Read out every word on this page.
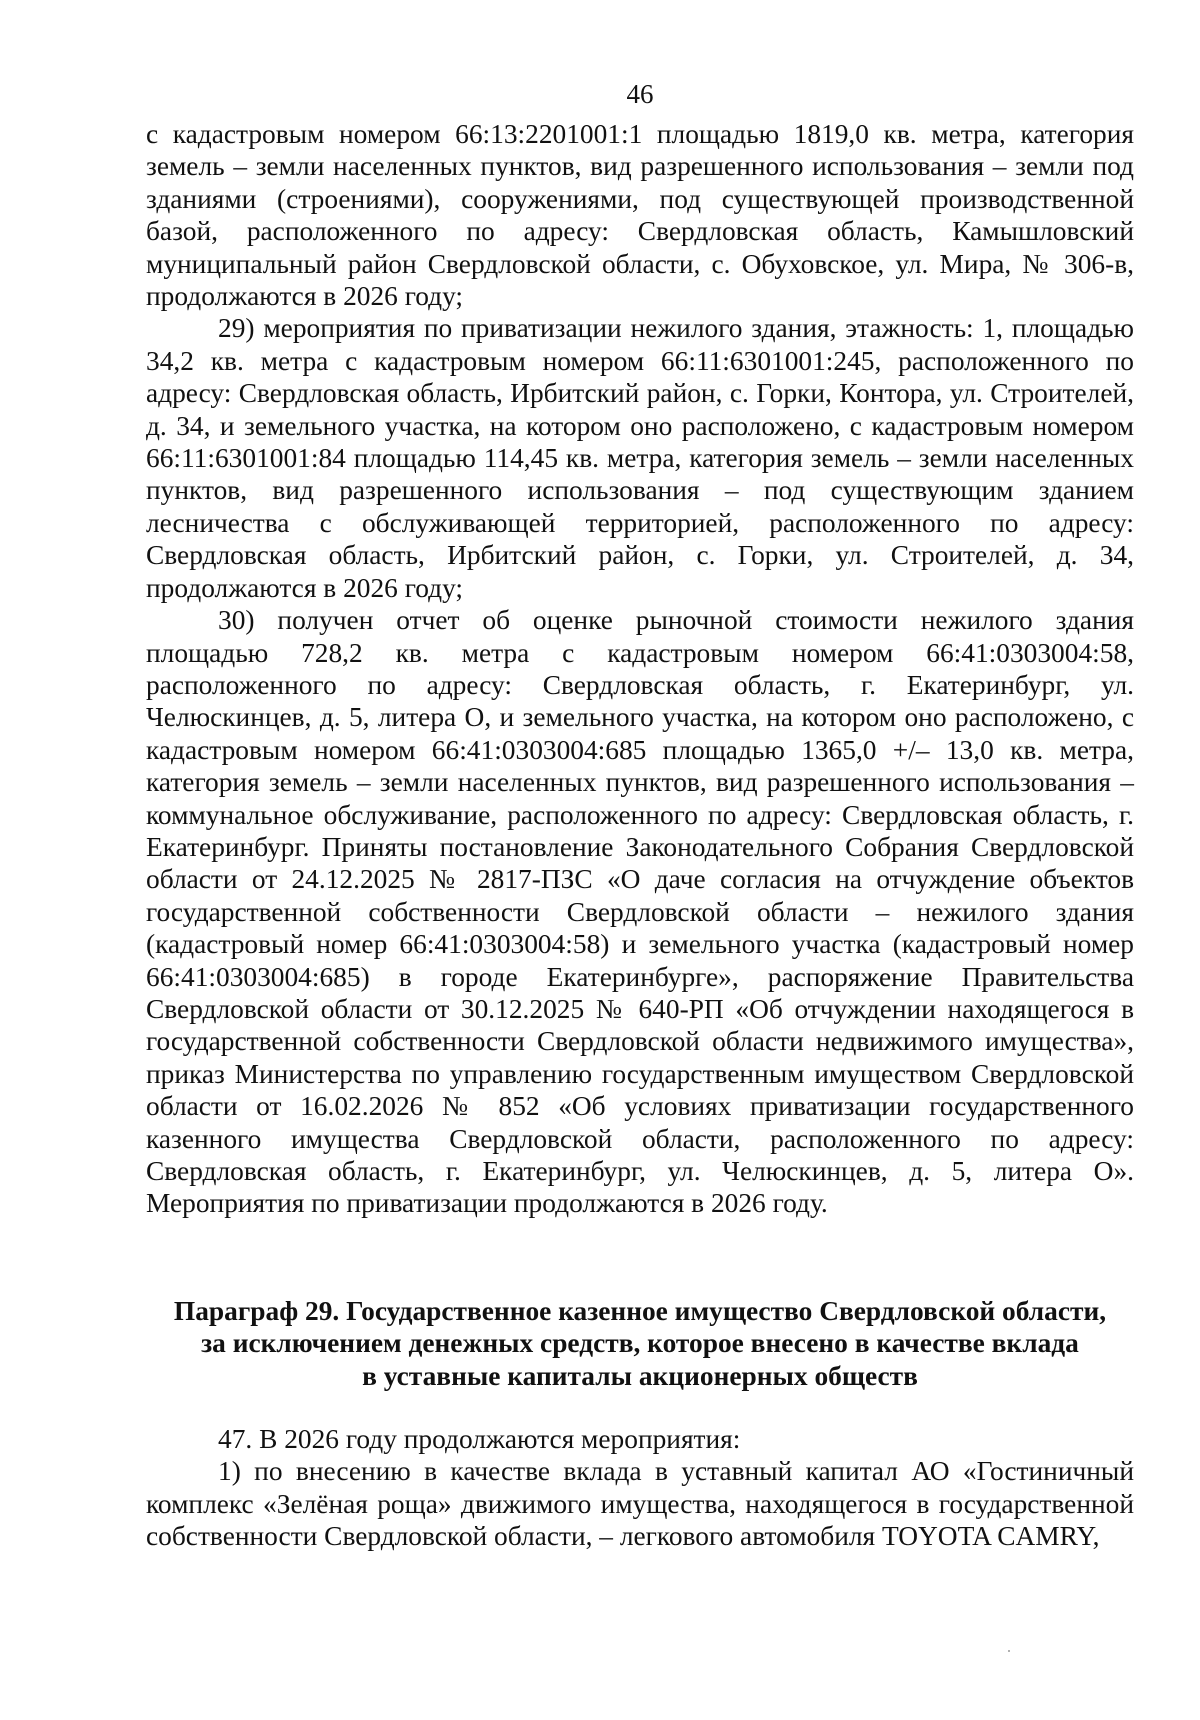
46

с кадастровым номером 66:13:2201001:1 площадью 1819,0 кв. метра, категория земель – земли населенных пунктов, вид разрешенного использования – земли под зданиями (строениями), сооружениями, под существующей производственной базой, расположенного по адресу: Свердловская область, Камышловский муниципальный район Свердловской области, с. Обуховское, ул. Мира, № 306-в, продолжаются в 2026 году;

29) мероприятия по приватизации нежилого здания, этажность: 1, площадью 34,2 кв. метра с кадастровым номером 66:11:6301001:245, расположенного по адресу: Свердловская область, Ирбитский район, с. Горки, Контора, ул. Строителей, д. 34, и земельного участка, на котором оно расположено, с кадастровым номером 66:11:6301001:84 площадью 114,45 кв. метра, категория земель – земли населенных пунктов, вид разрешенного использования – под существующим зданием лесничества с обслуживающей территорией, расположенного по адресу: Свердловская область, Ирбитский район, с. Горки, ул. Строителей, д. 34, продолжаются в 2026 году;

30) получен отчет об оценке рыночной стоимости нежилого здания площадью 728,2 кв. метра с кадастровым номером 66:41:0303004:58, расположенного по адресу: Свердловская область, г. Екатеринбург, ул. Челюскинцев, д. 5, литера О, и земельного участка, на котором оно расположено, с кадастровым номером 66:41:0303004:685 площадью 1365,0 +/– 13,0 кв. метра, категория земель – земли населенных пунктов, вид разрешенного использования – коммунальное обслуживание, расположенного по адресу: Свердловская область, г. Екатеринбург. Приняты постановление Законодательного Собрания Свердловской области от 24.12.2025 № 2817-ПЗС «О даче согласия на отчуждение объектов государственной собственности Свердловской области – нежилого здания (кадастровый номер 66:41:0303004:58) и земельного участка (кадастровый номер 66:41:0303004:685) в городе Екатеринбурге», распоряжение Правительства Свердловской области от 30.12.2025 № 640-РП «Об отчуждении находящегося в государственной собственности Свердловской области недвижимого имущества», приказ Министерства по управлению государственным имуществом Свердловской области от 16.02.2026 № 852 «Об условиях приватизации государственного казенного имущества Свердловской области, расположенного по адресу: Свердловская область, г. Екатеринбург, ул. Челюскинцев, д. 5, литера О». Мероприятия по приватизации продолжаются в 2026 году.

Параграф 29. Государственное казенное имущество Свердловской области,
за исключением денежных средств, которое внесено в качестве вклада
в уставные капиталы акционерных обществ

47. В 2026 году продолжаются мероприятия:

1) по внесению в качестве вклада в уставный капитал АО «Гостиничный комплекс «Зелёная роща» движимого имущества, находящегося в государственной собственности Свердловской области, – легкового автомобиля TOYOTA CAMRY,
